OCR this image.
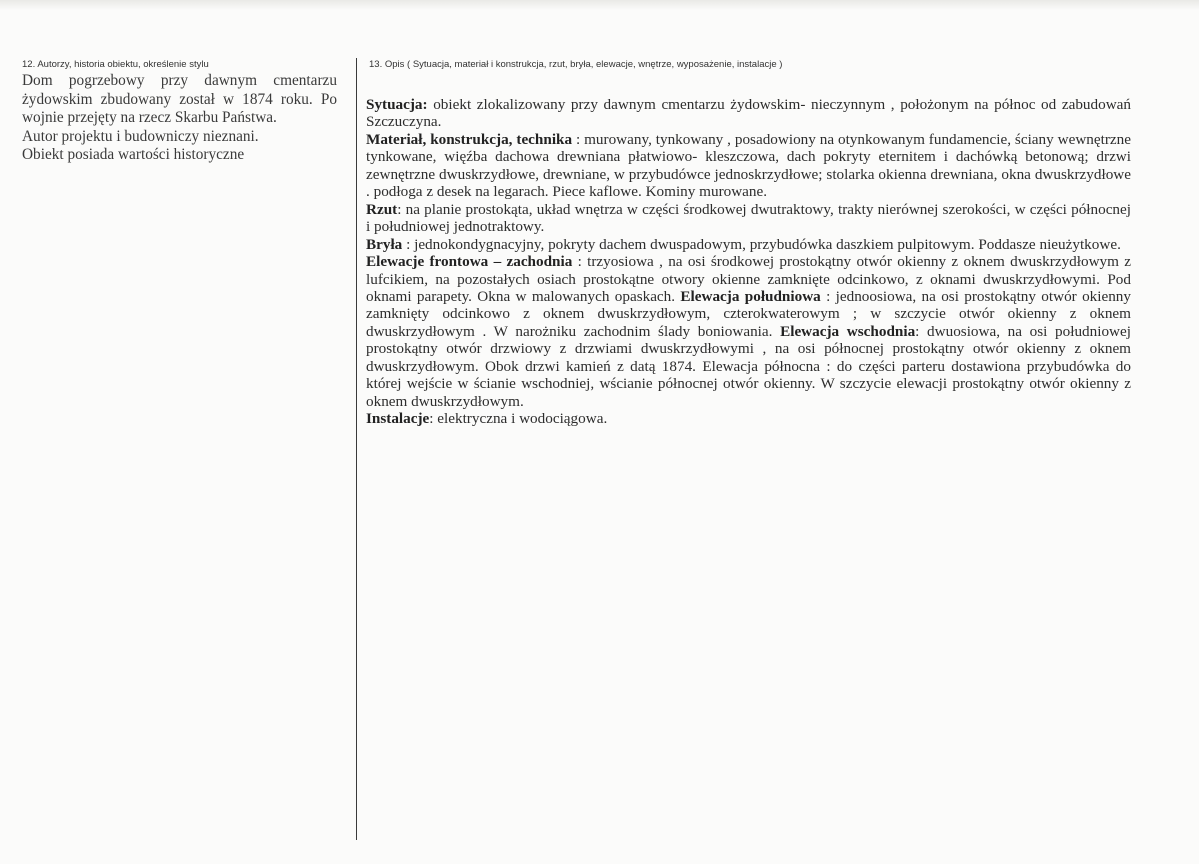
12. Autorzy, historia obiektu, określenie stylu
Dom pogrzebowy przy dawnym cmentarzu
żydowskim zbudowany został w 1874 roku. Po
wojnie przejęty na rzecz Skarbu Państwa.
Autor projektu i budowniczy nieznani.
Obiekt posiada wartości historyczne
13. Opis ( Sytuacja, materiał i konstrukcja, rzut, bryła, elewacje, wnętrze, wyposażenie, instalacje )

Sytuacja: obiekt zlokalizowany przy dawnym cmentarzu żydowskim- nieczynnym , położonym na północ od zabudowań Szczuczyna.

Materiał, konstrukcja, technika : murowany, tynkowany , posadowiony na otynkowanym fundamencie, ściany wewnętrzne tynkowane, więźba dachowa drewniana płatwiowo- kleszczowa, dach pokryty eternitem i dachówką betonową; drzwi zewnętrzne dwuskrzydłowe, drewniane, w przybudówce jednoskrzydłowe; stolarka okienna drewniana, okna dwuskrzydłowe . podłoga z desek na legarach. Piece kaflowe. Kominy murowane.

Rzut: na planie prostokąta, układ wnętrza w części środkowej dwutraktowy, trakty nierównej szerokości, w części północnej i południowej jednotraktowy.

Bryła : jednokondygnacyjny, pokryty dachem dwuspadowym, przybudówka daszkiem pulpitowym. Poddasze nieużytkowe.

Elewacje frontowa – zachodnia : trzyosiowa , na osi środkowej prostokątny otwór okienny z oknem dwuskrzydłowym z lufcikiem, na pozostałych osiach prostokątne otwory okienne zamknięte odcinkowo, z oknami dwuskrzydłowymi. Pod oknami parapety. Okna w malowanych opaskach. Elewacja południowa : jednoosiowa, na osi prostokątny otwór okienny zamknięty odcinkowo z oknem dwuskrzydłowym, czterokwaterowym ; w szczycie otwór okienny z oknem dwuskrzydłowym . W narożniku zachodnim ślady boniowania. Elewacja wschodnia: dwuosiowa, na osi południowej prostokątny otwór drzwiowy z drzwiami dwuskrzydłowymi , na osi północnej prostokątny otwór okienny z oknem dwuskrzydłowym. Obok drzwi kamień z datą 1874. Elewacja północna : do części parteru dostawiona przybudówka do której wejście w ścianie wschodniej, wścianie północnej otwór okienny. W szczycie elewacji prostokątny otwór okienny z oknem dwuskrzydłowym.

Instalacje: elektryczna i wodociągowa.
